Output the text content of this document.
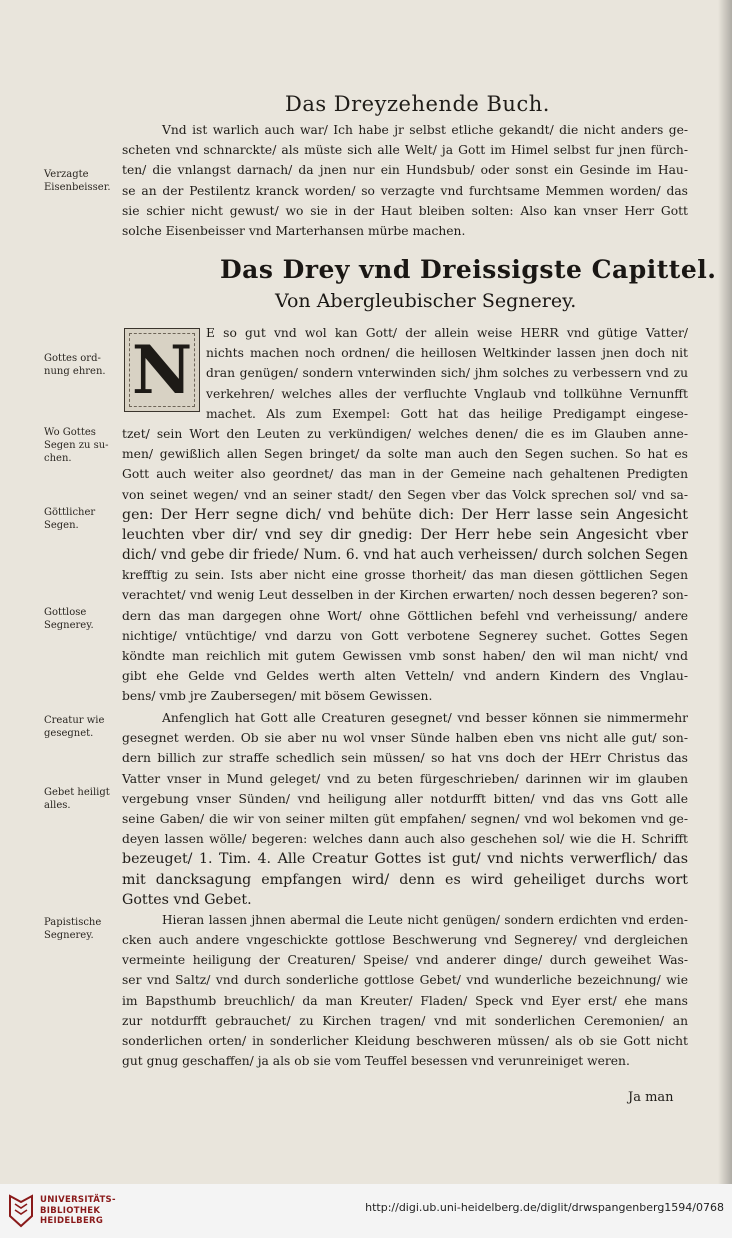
Das Dreyzehende Buch.
Vnd ist warlich auch war/ Ich habe jr selbst etliche gekandt/ die nicht anders ge-
scheten vnd schnarckte/ als müste sich alle Welt/ ja Gott im Himel selbst fur jnen fürch-
ten/ die vnlangst darnach/ da jnen nur ein Hundsbub/ oder sonst ein Gesinde im Hau-
se an der Pestilentz kranck worden/ so verzagte vnd furchtsame Memmen worden/ das
sie schier nicht gewust/ wo sie in der Haut bleiben solten: Also kan vnser Herr Gott
solche Eisenbeisser vnd Marterhansen mürbe machen.
Das Drey vnd Dreissigste Capittel.
Von Abergleubischer Segnerey.
N	E so gut vnd wol kan Gott/ der allein weise HERR vnd gütige Vatter/
nichts machen noch ordnen/ die heillosen Weltkinder lassen jnen doch nit
dran genügen/ sondern vnterwinden sich/ jhm solches zu verbessern vnd zu
verkehren/ welches alles der verfluchte Vnglaub vnd tollkühne Vernunfft
machet. Als zum Exempel: Gott hat das heilige Predigampt eingese-
tzet/ sein Wort den Leuten zu verkündigen/ welches denen/ die es im Glauben anne-
men/ gewißlich allen Segen bringet/ da solte man auch den Segen suchen. So hat es
Gott auch weiter also geordnet/ das man in der Gemeine nach gehaltenen Predigten
von seinet wegen/ vnd an seiner stadt/ den Segen vber das Volck sprechen sol/ vnd sa-
gen: Der Herr segne dich/ vnd behüte dich: Der Herr lasse sein Angesicht
leuchten vber dir/ vnd sey dir gnedig: Der Herr hebe sein Angesicht vber
dich/ vnd gebe dir friede/ Num. 6. vnd hat auch verheissen/ durch solchen Segen
krefftig zu sein. Ists aber nicht eine grosse thorheit/ das man diesen göttlichen Segen
verachtet/ vnd wenig Leut desselben in der Kirchen erwarten/ noch dessen begeren? son-
dern das man dargegen ohne Wort/ ohne Göttlichen befehl vnd verheissung/ andere
nichtige/ vntüchtige/ vnd darzu von Gott verbotene Segnerey suchet. Gottes Segen
köndte man reichlich mit gutem Gewissen vmb sonst haben/ den wil man nicht/ vnd
gibt ehe Gelde vnd Geldes werth alten Vetteln/ vnd andern Kindern des Vnglau-
bens/ vmb jre Zaubersegen/ mit bösem Gewissen.
Anfenglich hat Gott alle Creaturen gesegnet/ vnd besser können sie nimmermehr
gesegnet werden. Ob sie aber nu wol vnser Sünde halben eben vns nicht alle gut/ son-
dern billich zur straffe schedlich sein müssen/ so hat vns doch der HErr Christus das
Vatter vnser in Mund geleget/ vnd zu beten fürgeschrieben/ darinnen wir im glauben
vergebung vnser Sünden/ vnd heiligung aller notdurfft bitten/ vnd das vns Gott alle
seine Gaben/ die wir von seiner milten güt empfahen/ segnen/ vnd wol bekomen vnd ge-
deyen lassen wölle/ begeren: welches dann auch also geschehen sol/ wie die H. Schrifft
bezeuget/ 1. Tim. 4. Alle Creatur Gottes ist gut/ vnd nichts verwerflich/ das
mit dancksagung empfangen wird/ denn es wird geheiliget durchs wort
Gottes vnd Gebet.
Hieran lassen jhnen abermal die Leute nicht genügen/ sondern erdichten vnd erden-
cken auch andere vngeschickte gottlose Beschwerung vnd Segnerey/ vnd dergleichen
vermeinte heiligung der Creaturen/ Speise/ vnd anderer dinge/ durch geweihet Was-
ser vnd Saltz/ vnd durch sonderliche gottlose Gebet/ vnd wunderliche bezeichnung/ wie
im Bapsthumb breuchlich/ da man Kreuter/ Fladen/ Speck vnd Eyer erst/ ehe mans
zur notdurfft gebrauchet/ zu Kirchen tragen/ vnd mit sonderlichen Ceremonien/ an
sonderlichen orten/ in sonderlicher Kleidung beschweren müssen/ als ob sie Gott nicht
gut gnug geschaffen/ ja als ob sie vom Teuffel besessen vnd verunreiniget weren.
Verzagte Eisenbeisser.
Gottes ord-nung ehren.
Wo Gottes Segen zu su-chen.
Göttlicher Segen.
Gottlose Segnerey.
Creatur wie gesegnet.
Gebet heiligt alles.
Papistische Segnerey.
Ja man
UNIVERSITÄTS-
BIBLIOTHEK
HEIDELBERG
http://digi.ub.uni-heidelberg.de/diglit/drwspangenberg1594/0768
